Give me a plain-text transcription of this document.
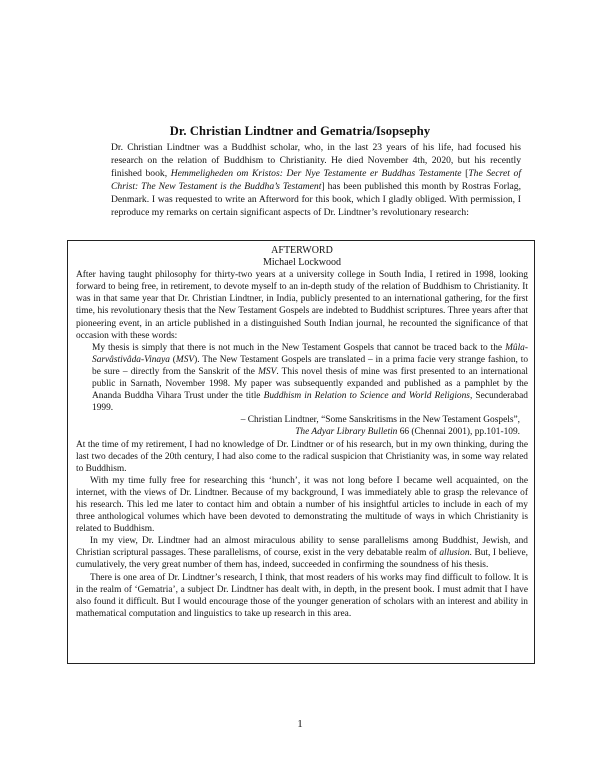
Dr. Christian Lindtner and Gematria/Isopsephy

Dr. Christian Lindtner was a Buddhist scholar, who, in the last 23 years of his life, had focused his research on the relation of Buddhism to Christianity. He died November 4th, 2020, but his recently finished book, Hemmeligheden om Kristos: Der Nye Testamente er Buddhas Testamente [The Secret of Christ: The New Testament is the Buddha’s Testament] has been published this month by Rostras Forlag, Denmark. I was requested to write an Afterword for this book, which I gladly obliged. With permission, I reproduce my remarks on certain significant aspects of Dr. Lindtner’s revolutionary research:

AFTERWORD

Michael Lockwood

After having taught philosophy for thirty-two years at a university college in South India, I retired in 1998, looking forward to being free, in retirement, to devote myself to an in-depth study of the relation of Buddhism to Christianity. It was in that same year that Dr. Christian Lindtner, in India, publicly presented to an international gathering, for the first time, his revolutionary thesis that the New Testament Gospels are indebted to Buddhist scriptures. Three years after that pioneering event, in an article published in a distinguished South Indian journal, he recounted the significance of that occasion with these words:

My thesis is simply that there is not much in the New Testament Gospels that cannot be traced back to the Mûla-Sarvâstivâda-Vinaya (MSV). The New Testament Gospels are translated – in a prima facie very strange fashion, to be sure – directly from the Sanskrit of the MSV. This novel thesis of mine was first presented to an international public in Sarnath, November 1998. My paper was subsequently expanded and published as a pamphlet by the Ananda Buddha Vihara Trust under the title Buddhism in Relation to Science and World Religions, Secunderabad 1999.

– Christian Lindtner, “Some Sanskritisms in the New Testament Gospels”,

The Adyar Library Bulletin 66 (Chennai 2001), pp.101-109.

At the time of my retirement, I had no knowledge of Dr. Lindtner or of his research, but in my own thinking, during the last two decades of the 20th century, I had also come to the radical suspicion that Christianity was, in some way related to Buddhism.

With my time fully free for researching this ‘hunch’, it was not long before I became well acquainted, on the internet, with the views of Dr. Lindtner. Because of my background, I was immediately able to grasp the relevance of his research. This led me later to contact him and obtain a number of his insightful articles to include in each of my three anthological volumes which have been devoted to demonstrating the multitude of ways in which Christianity is related to Buddhism.

In my view, Dr. Lindtner had an almost miraculous ability to sense parallelisms among Buddhist, Jewish, and Christian scriptural passages. These parallelisms, of course, exist in the very debatable realm of allusion. But, I believe, cumulatively, the very great number of them has, indeed, succeeded in confirming the soundness of his thesis.

There is one area of Dr. Lindtner’s research, I think, that most readers of his works may find difficult to follow. It is in the realm of ‘Gematria’, a subject Dr. Lindtner has dealt with, in depth, in the present book. I must admit that I have also found it difficult. But I would encourage those of the younger generation of scholars with an interest and ability in mathematical computation and linguistics to take up research in this area.

1
